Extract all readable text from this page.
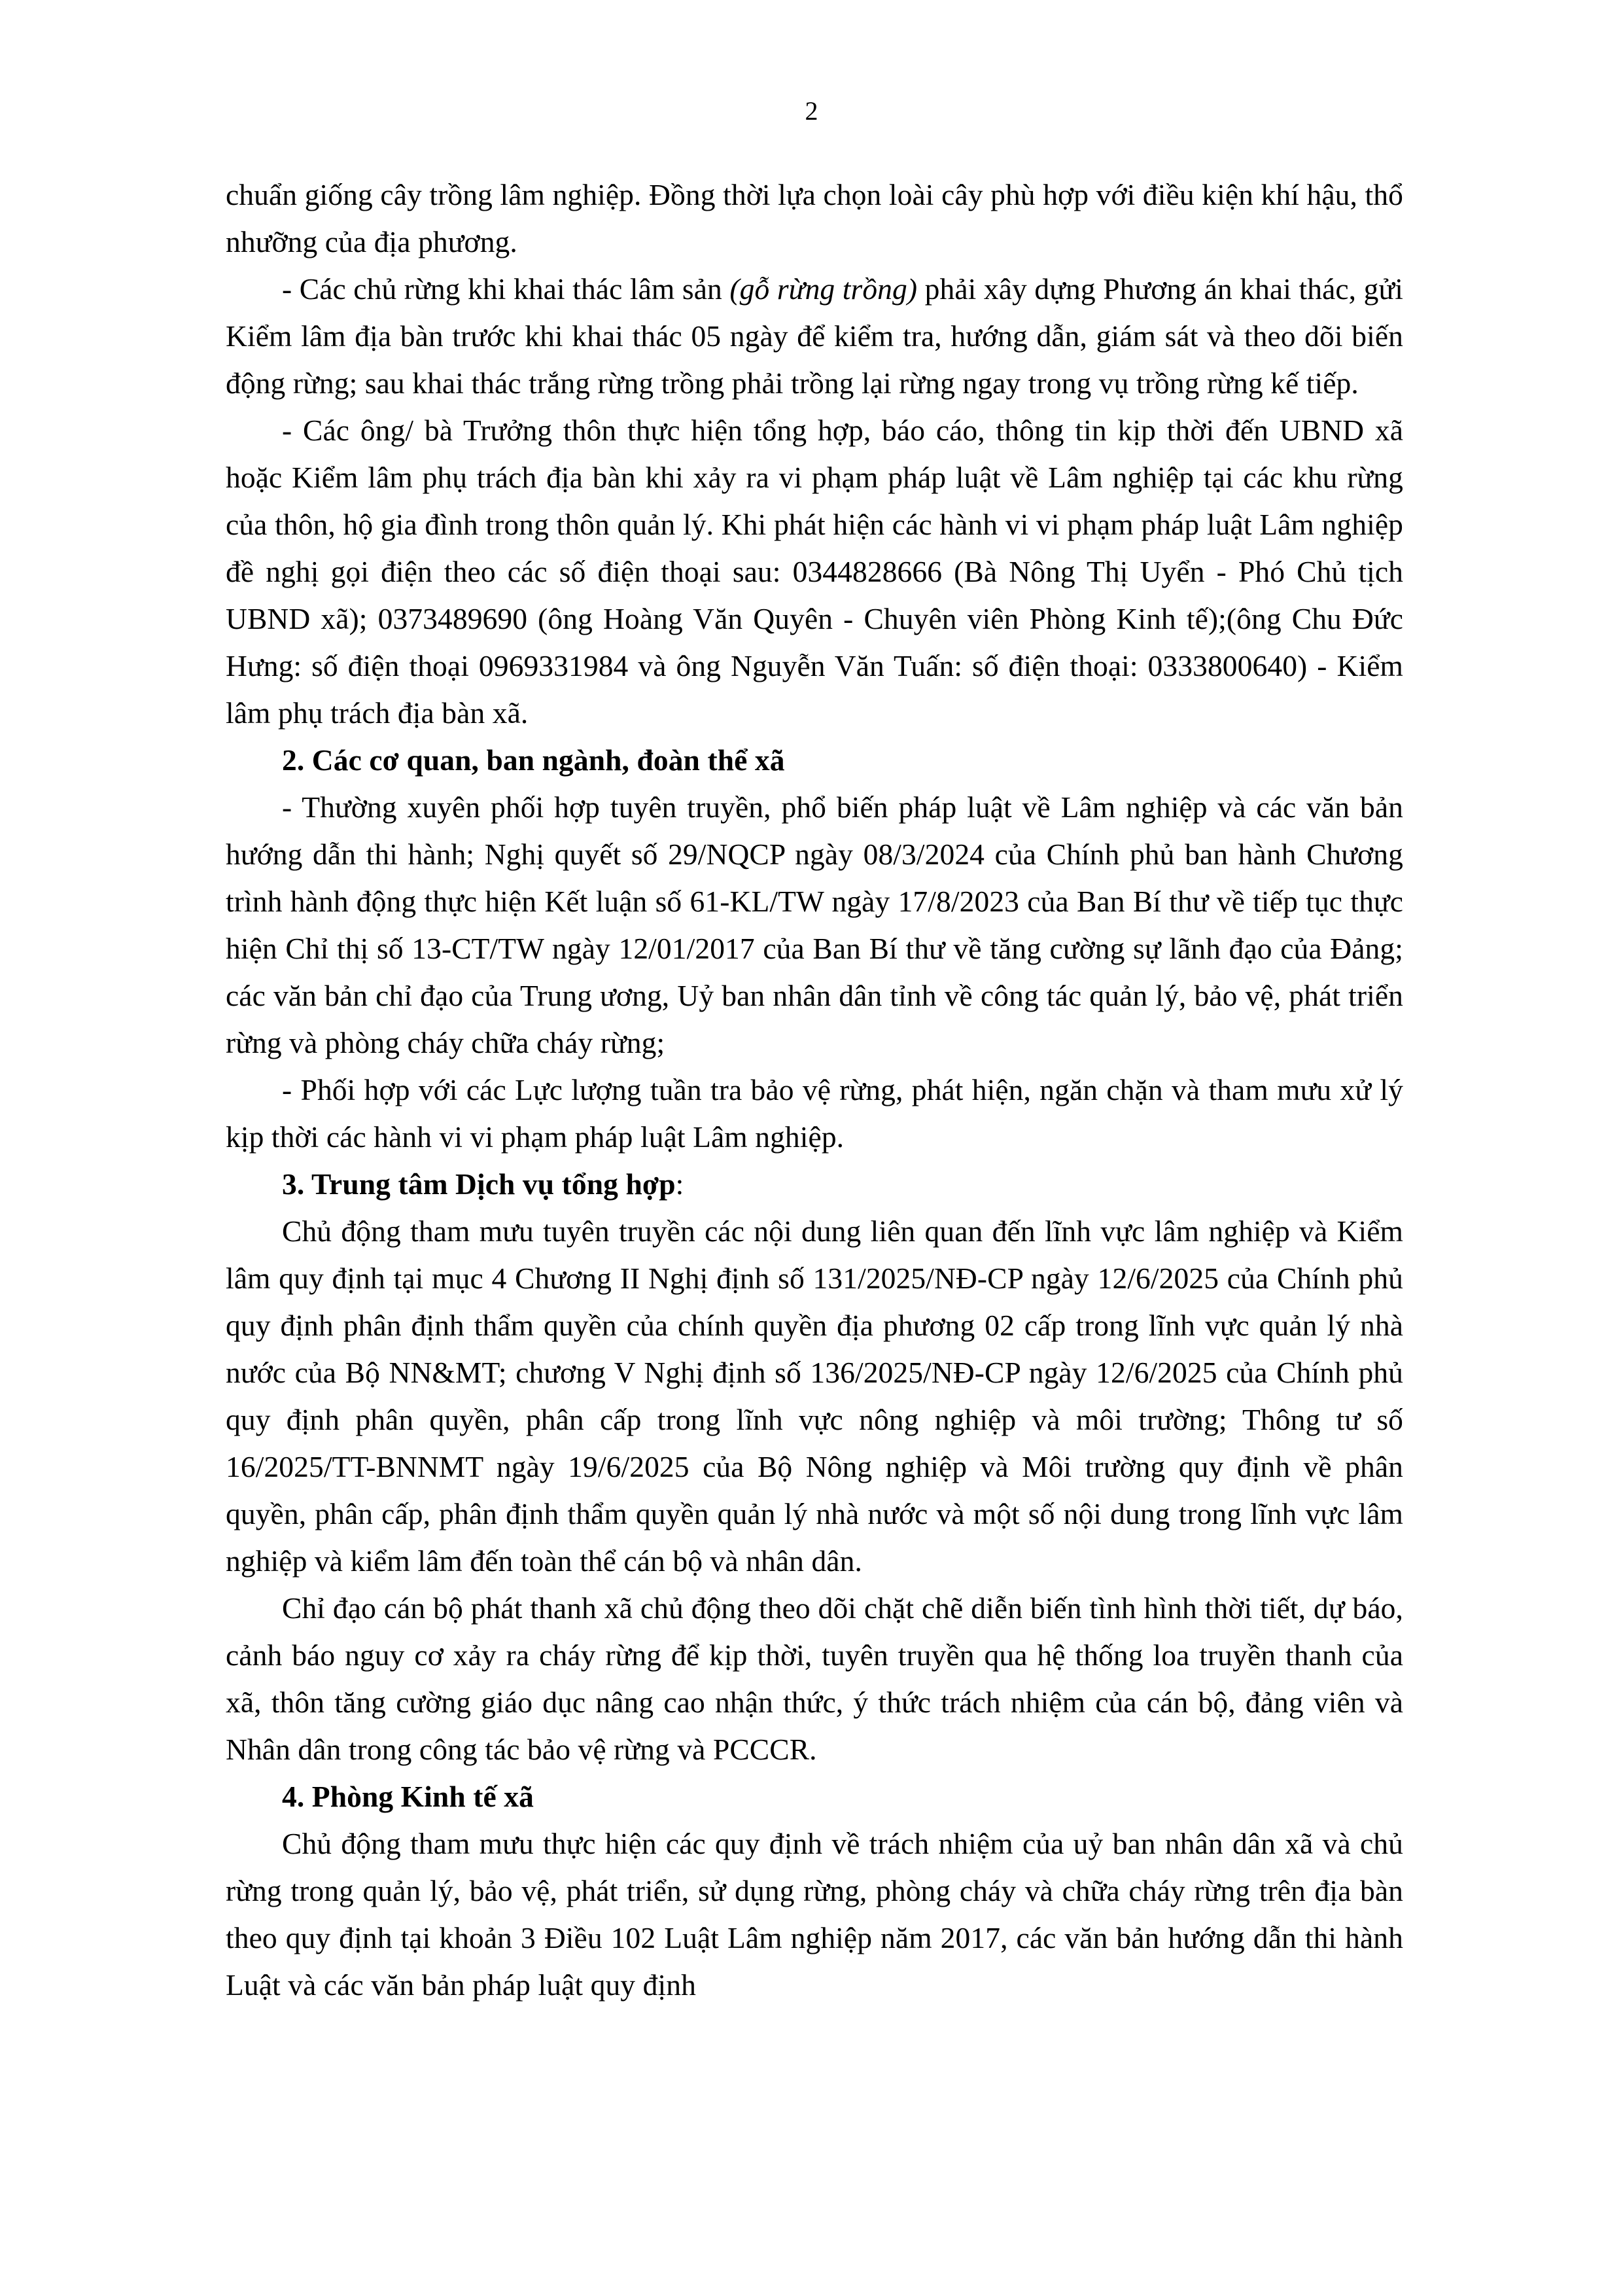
2

chuẩn giống cây trồng lâm nghiệp. Đồng thời lựa chọn loài cây phù hợp với điều kiện khí hậu, thổ nhưỡng của địa phương.

- Các chủ rừng khi khai thác lâm sản (gỗ rừng trồng) phải xây dựng Phương án khai thác, gửi Kiểm lâm địa bàn trước khi khai thác 05 ngày để kiểm tra, hướng dẫn, giám sát và theo dõi biến động rừng; sau khai thác trắng rừng trồng phải trồng lại rừng ngay trong vụ trồng rừng kế tiếp.

- Các ông/ bà Trưởng thôn thực hiện tổng hợp, báo cáo, thông tin kịp thời đến UBND xã hoặc Kiểm lâm phụ trách địa bàn khi xảy ra vi phạm pháp luật về Lâm nghiệp tại các khu rừng của thôn, hộ gia đình trong thôn quản lý. Khi phát hiện các hành vi vi phạm pháp luật Lâm nghiệp đề nghị gọi điện theo các số điện thoại sau: 0344828666 (Bà Nông Thị Uyển - Phó Chủ tịch UBND xã); 0373489690 (ông Hoàng Văn Quyên - Chuyên viên Phòng Kinh tế);(ông Chu Đức Hưng: số điện thoại 0969331984 và ông Nguyễn Văn Tuấn: số điện thoại: 0333800640) - Kiểm lâm phụ trách địa bàn xã.

2. Các cơ quan, ban ngành, đoàn thể xã

- Thường xuyên phối hợp tuyên truyền, phổ biến pháp luật về Lâm nghiệp và các văn bản hướng dẫn thi hành; Nghị quyết số 29/NQCP ngày 08/3/2024 của Chính phủ ban hành Chương trình hành động thực hiện Kết luận số 61-KL/TW ngày 17/8/2023 của Ban Bí thư về tiếp tục thực hiện Chỉ thị số 13-CT/TW ngày 12/01/2017 của Ban Bí thư về tăng cường sự lãnh đạo của Đảng; các văn bản chỉ đạo của Trung ương, Uỷ ban nhân dân tỉnh về công tác quản lý, bảo vệ, phát triển rừng và phòng cháy chữa cháy rừng;

- Phối hợp với các Lực lượng tuần tra bảo vệ rừng, phát hiện, ngăn chặn và tham mưu xử lý kịp thời các hành vi vi phạm pháp luật Lâm nghiệp.

3. Trung tâm Dịch vụ tổng hợp:

Chủ động tham mưu tuyên truyền các nội dung liên quan đến lĩnh vực lâm nghiệp và Kiểm lâm quy định tại mục 4 Chương II Nghị định số 131/2025/NĐ-CP ngày 12/6/2025 của Chính phủ quy định phân định thẩm quyền của chính quyền địa phương 02 cấp trong lĩnh vực quản lý nhà nước của Bộ NN&MT; chương V Nghị định số 136/2025/NĐ-CP ngày 12/6/2025 của Chính phủ quy định phân quyền, phân cấp trong lĩnh vực nông nghiệp và môi trường; Thông tư số 16/2025/TT-BNNMT ngày 19/6/2025 của Bộ Nông nghiệp và Môi trường quy định về phân quyền, phân cấp, phân định thẩm quyền quản lý nhà nước và một số nội dung trong lĩnh vực lâm nghiệp và kiểm lâm đến toàn thể cán bộ và nhân dân.

Chỉ đạo cán bộ phát thanh xã chủ động theo dõi chặt chẽ diễn biến tình hình thời tiết, dự báo, cảnh báo nguy cơ xảy ra cháy rừng để kịp thời, tuyên truyền qua hệ thống loa truyền thanh của xã, thôn tăng cường giáo dục nâng cao nhận thức, ý thức trách nhiệm của cán bộ, đảng viên và Nhân dân trong công tác bảo vệ rừng và PCCCR.

4. Phòng Kinh tế xã

Chủ động tham mưu thực hiện các quy định về trách nhiệm của uỷ ban nhân dân xã và chủ rừng trong quản lý, bảo vệ, phát triển, sử dụng rừng, phòng cháy và chữa cháy rừng trên địa bàn theo quy định tại khoản 3 Điều 102 Luật Lâm nghiệp năm 2017, các văn bản hướng dẫn thi hành Luật và các văn bản pháp luật quy định
